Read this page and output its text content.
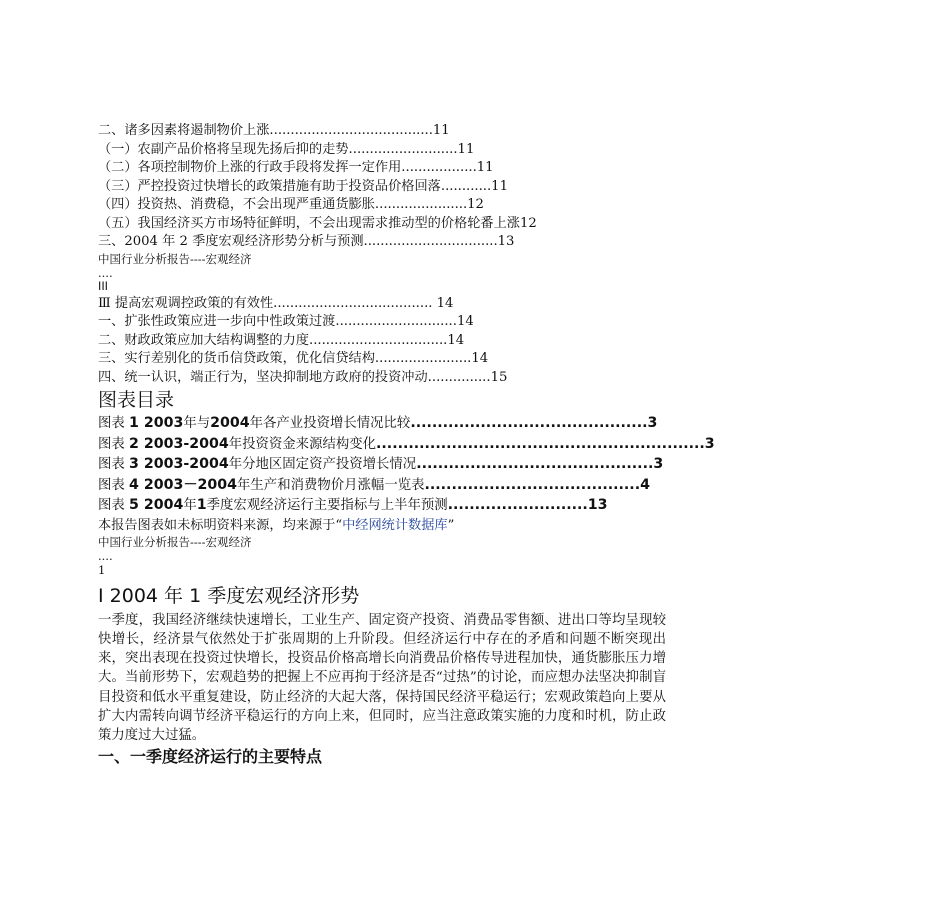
二、诸多因素将遏制物价上涨.......................................11
（一）农副产品价格将呈现先扬后抑的走势..........................11
（二）各项控制物价上涨的行政手段将发挥一定作用..................11
（三）严控投资过快增长的政策措施有助于投资品价格回落............11
（四）投资热、消费稳，不会出现严重通货膨胀......................12
（五）我国经济买方市场特征鲜明，不会出现需求推动型的价格轮番上涨12
三、2004 年 2 季度宏观经济形势分析与预测................................13
中国行业分析报告----宏观经济
....
III
Ⅲ 提高宏观调控政策的有效性...................................... 14
一、扩张性政策应进一步向中性政策过渡.............................14
二、财政政策应加大结构调整的力度.................................14
三、实行差别化的货币信贷政策，优化信贷结构.......................14
四、统一认识，端正行为，坚决抑制地方政府的投资冲动...............15
图表目录
图表 1 2003年与2004年各产业投资增长情况比较............................................3
图表 2 2003-2004年投资资金来源结构变化.............................................................3
图表 3 2003-2004年分地区固定资产投资增长情况............................................3
图表 4 2003－2004年生产和消费物价月涨幅一览表........................................4
图表 5 2004年1季度宏观经济运行主要指标与上半年预测..........................13
本报告图表如未标明资料来源，均来源于“中经网统计数据库”
中国行业分析报告----宏观经济
....
1
Ⅰ 2004 年 1 季度宏观经济形势
一季度，我国经济继续快速增长，工业生产、固定资产投资、消费品零售额、进出口等均呈现较快增长，经济景气依然处于扩张周期的上升阶段。但经济运行中存在的矛盾和问题不断突现出来，突出表现在投资过快增长，投资品价格高增长向消费品价格传导进程加快，通货膨胀压力增大。当前形势下，宏观趋势的把握上不应再拘于经济是否“过热”的讨论，而应想办法坚决抑制盲目投资和低水平重复建设，防止经济的大起大落，保持国民经济平稳运行；宏观政策趋向上要从扩大内需转向调节经济平稳运行的方向上来，但同时，应当注意政策实施的力度和时机，防止政策力度过大过猛。
一、一季度经济运行的主要特点
